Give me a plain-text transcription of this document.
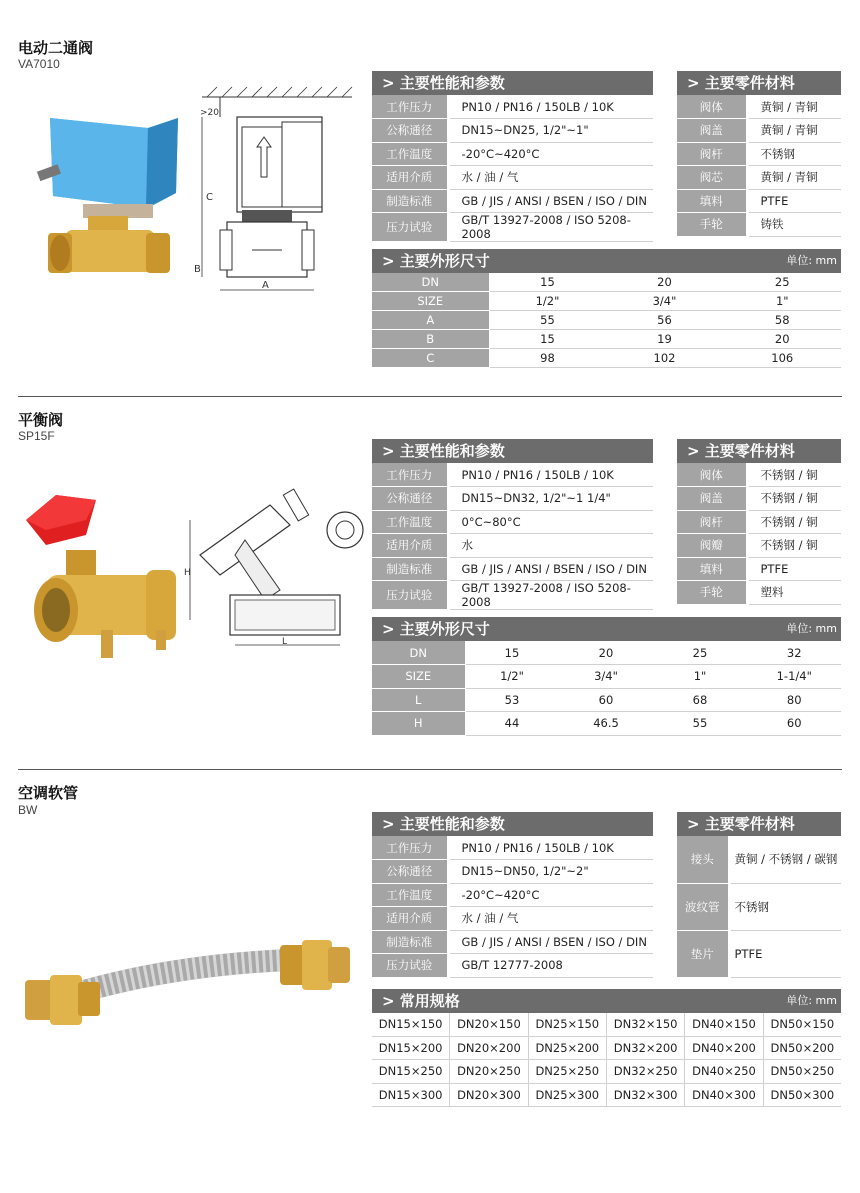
电动二通阀
VA7010
>20
C
B
A
> 主要性能和参数
工作压力	PN10 / PN16 / 150LB / 10K
公称通径	DN15~DN25, 1/2"~1"
工作温度	-20°C~420°C
适用介质	水 / 油 / 气
制造标准	GB / JIS / ANSI / BSEN / ISO / DIN
压力试验	GB/T 13927-2008 / ISO 5208-2008
> 主要零件材料
阀体	黄铜 / 青铜
阀盖	黄铜 / 青铜
阀杆	不锈钢
阀芯	黄铜 / 青铜
填料	PTFE
手轮	铸铁
> 主要外形尺寸	单位: mm
DN	15	20	25
SIZE	1/2"	3/4"	1"
A	55	56	58
B	15	19	20
C	98	102	106
平衡阀
SP15F
H
L
> 主要性能和参数
工作压力	PN10 / PN16 / 150LB / 10K
公称通径	DN15~DN32, 1/2"~1 1/4"
工作温度	0°C~80°C
适用介质	水
制造标准	GB / JIS / ANSI / BSEN / ISO / DIN
压力试验	GB/T 13927-2008 / ISO 5208-2008
> 主要零件材料
阀体	不锈钢 / 铜
阀盖	不锈钢 / 铜
阀杆	不锈钢 / 铜
阀瓣	不锈钢 / 铜
填料	PTFE
手轮	塑料
> 主要外形尺寸	单位: mm
DN	15	20	25	32
SIZE	1/2"	3/4"	1"	1-1/4"
L	53	60	68	80
H	44	46.5	55	60
空调软管
BW
> 主要性能和参数
工作压力	PN10 / PN16 / 150LB / 10K
公称通径	DN15~DN50, 1/2"~2"
工作温度	-20°C~420°C
适用介质	水 / 油 / 气
制造标准	GB / JIS / ANSI / BSEN / ISO / DIN
压力试验	GB/T 12777-2008
> 主要零件材料
接头	黄铜 / 不锈钢 / 碳钢
波纹管	不锈钢
垫片	PTFE
> 常用规格	单位: mm
DN15×150	DN20×150	DN25×150	DN32×150	DN40×150	DN50×150
DN15×200	DN20×200	DN25×200	DN32×200	DN40×200	DN50×200
DN15×250	DN20×250	DN25×250	DN32×250	DN40×250	DN50×250
DN15×300	DN20×300	DN25×300	DN32×300	DN40×300	DN50×300
